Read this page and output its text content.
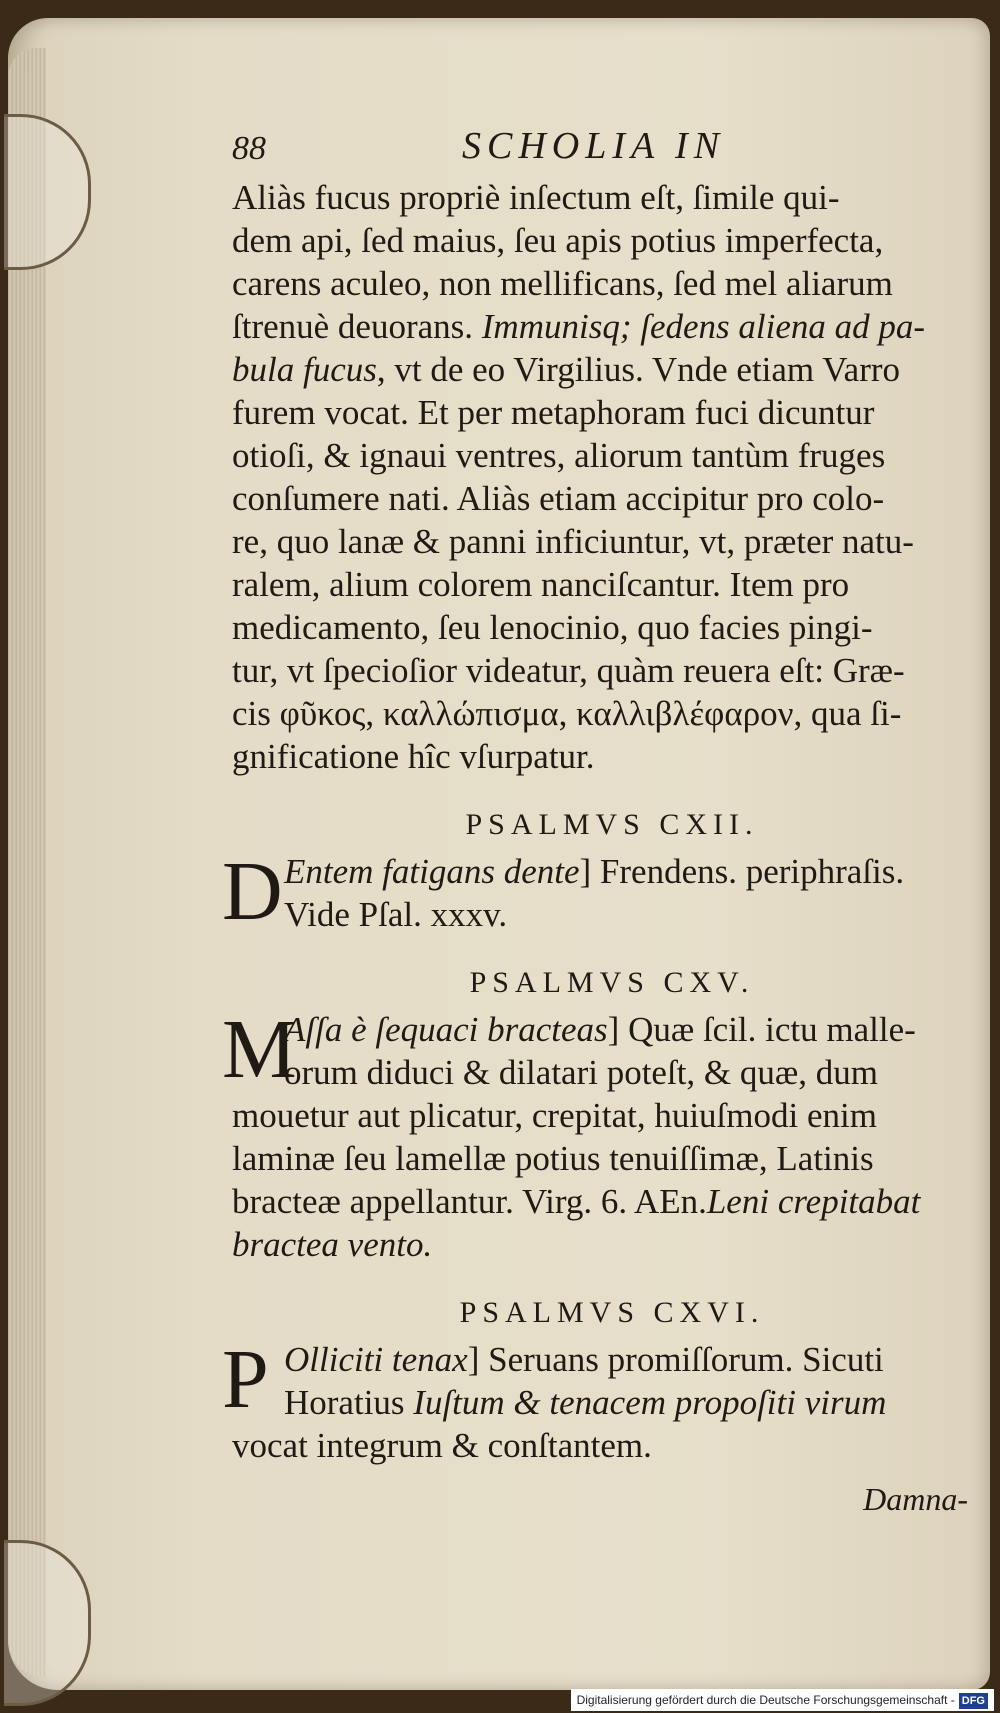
88	SCHOLIA IN

Aliàs fucus propriè inſectum eſt, ſimile qui-

dem api, ſed maius, ſeu apis potius imperfecta,

carens aculeo, non mellificans, ſed mel aliarum

ſtrenuè deuorans. Immunisq; ſedens aliena ad pa-

bula fucus, vt de eo Virgilius. Vnde etiam Varro

furem vocat. Et per metaphoram fuci dicuntur

otioſi, & ignaui ventres, aliorum tantùm fruges

conſumere nati. Aliàs etiam accipitur pro colo-

re, quo lanæ & panni inficiuntur, vt, præter natu-

ralem, alium colorem nanciſcantur. Item pro

medicamento, ſeu lenocinio, quo facies pingi-

tur, vt ſpecioſior videatur, quàm reuera eſt: Græ-

cis φῦκος, καλλώπισμα, καλλιβλέφαρον, qua ſi-

gnificatione hîc vſurpatur.

PSALMVS CXII.
D Entem fatigans dente] Frendens. periphraſis.

Vide Pſal. xxxv.

PSALMVS CXV.
M

Aſſa è ſequaci bracteas] Quæ ſcil. ictu malle-

orum diduci & dilatari poteſt, & quæ, dum

mouetur aut plicatur, crepitat, huiuſmodi enim

laminæ ſeu lamellæ potius tenuiſſimæ, Latinis

bracteæ appellantur. Virg. 6. AEn.Leni crepitabat

bractea vento.

PSALMVS CXVI.
P Olliciti tenax] Seruans promiſſorum. Sicuti

Horatius Iuſtum & tenacem propoſiti virum

vocat integrum & conſtantem.

Damna-
Digitalisierung gefördert durch die Deutsche Forschungsgemeinschaft - DFG
